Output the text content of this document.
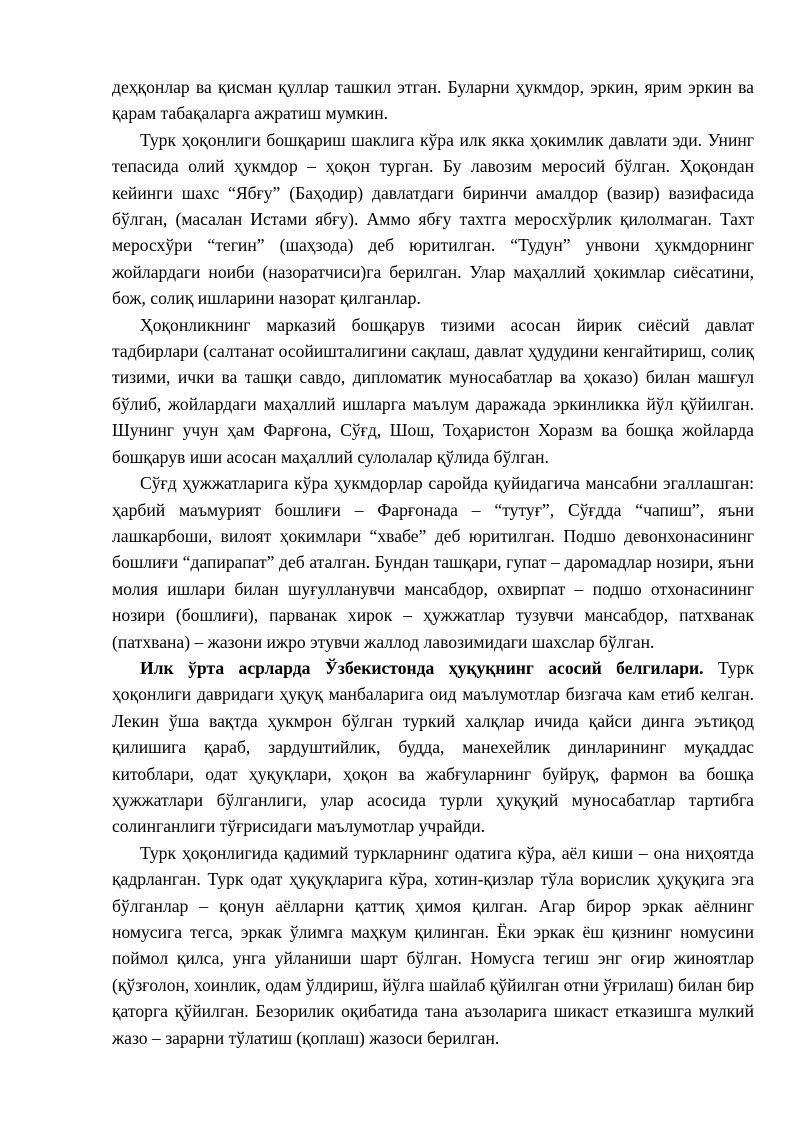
деҳқонлар ва қисман қуллар ташкил этган. Буларни ҳукмдор, эркин, ярим эркин ва қарам табақаларга ажратиш мумкин.

Турк ҳоқонлиги бошқариш шаклига кўра илк якка ҳокимлик давлати эди. Унинг тепасида олий ҳукмдор – ҳоқон турган. Бу лавозим меросий бўлган. Ҳоқондан кейинги шахс “Ябғу” (Баҳодир) давлатдаги биринчи амалдор (вазир) вазифасида бўлган, (масалан Истами ябғу). Аммо ябғу тахтга меросхўрлик қилолмаган. Тахт меросхўри “тегин” (шаҳзода) деб юритилган. “Тудун” унвони ҳукмдорнинг жойлардаги ноиби (назоратчиси)га берилган. Улар маҳаллий ҳокимлар сиёсатини, бож, солиқ ишларини назорат қилганлар.

Ҳоқонликнинг марказий бошқарув тизими асосан йирик сиёсий давлат тадбирлари (салтанат осойишталигини сақлаш, давлат ҳудудини кенгайтириш, солиқ тизими, ички ва ташқи савдо, дипломатик муносабатлар ва ҳоказо) билан машғул бўлиб, жойлардаги маҳаллий ишларга маълум даражада эркинликка йўл қўйилган. Шунинг учун ҳам Фарғона, Сўғд, Шош, Тоҳаристон Хоразм ва бошқа жойларда бошқарув иши асосан маҳаллий сулолалар қўлида бўлган.

Сўғд ҳужжатларига кўра ҳукмдорлар саройда қуйидагича мансабни эгаллашган: ҳарбий маъмурият бошлиғи – Фарғонада – “тутуғ”, Сўғдда “чапиш”, яъни лашкарбоши, вилоят ҳокимлари “хвабе” деб юритилган. Подшо девонхонасининг бошлиғи “дапирапат” деб аталган. Бундан ташқари, гупат – даромадлар нозири, яъни молия ишлари билан шуғулланувчи мансабдор, охвирпат – подшо отхонасининг нозири (бошлиғи), парванак хирок – ҳужжатлар тузувчи мансабдор, патхванак (патхвана) – жазони ижро этувчи жаллод лавозимидаги шахслар бўлган.

Илк ўрта асрларда Ўзбекистонда ҳуқуқнинг асосий белгилари. Турк ҳоқонлиги давридаги ҳуқуқ манбаларига оид маълумотлар бизгача кам етиб келган. Лекин ўша вақтда ҳукмрон бўлган туркий халқлар ичида қайси динга эътиқод қилишига қараб, зардуштийлик, будда, манехейлик динларининг муқаддас китоблари, одат ҳуқуқлари, ҳоқон ва жабғуларнинг буйруқ, фармон ва бошқа ҳужжатлари бўлганлиги, улар асосида турли ҳуқуқий муносабатлар тартибга солинганлиги тўғрисидаги маълумотлар учрайди.

Турк ҳоқонлигида қадимий туркларнинг одатига кўра, аёл киши – она ниҳоятда қадрланган. Турк одат ҳуқуқларига кўра, хотин-қизлар тўла ворислик ҳуқуқига эга бўлганлар – қонун аёлларни қаттиқ ҳимоя қилган. Агар бирор эркак аёлнинг номусига тегса, эркак ўлимга маҳкум қилинган. Ёки эркак ёш қизнинг номусини поймол қилса, унга уйланиши шарт бўлган. Номусга тегиш энг оғир жиноятлар (қўзғолон, хоинлик, одам ўлдириш, йўлга шайлаб қўйилган отни ўғрилаш) билан бир қаторга қўйилган. Безорилик оқибатида тана аъзоларига шикаст етказишга мулкий жазо – зарарни тўлатиш (қоплаш) жазоси берилган.
